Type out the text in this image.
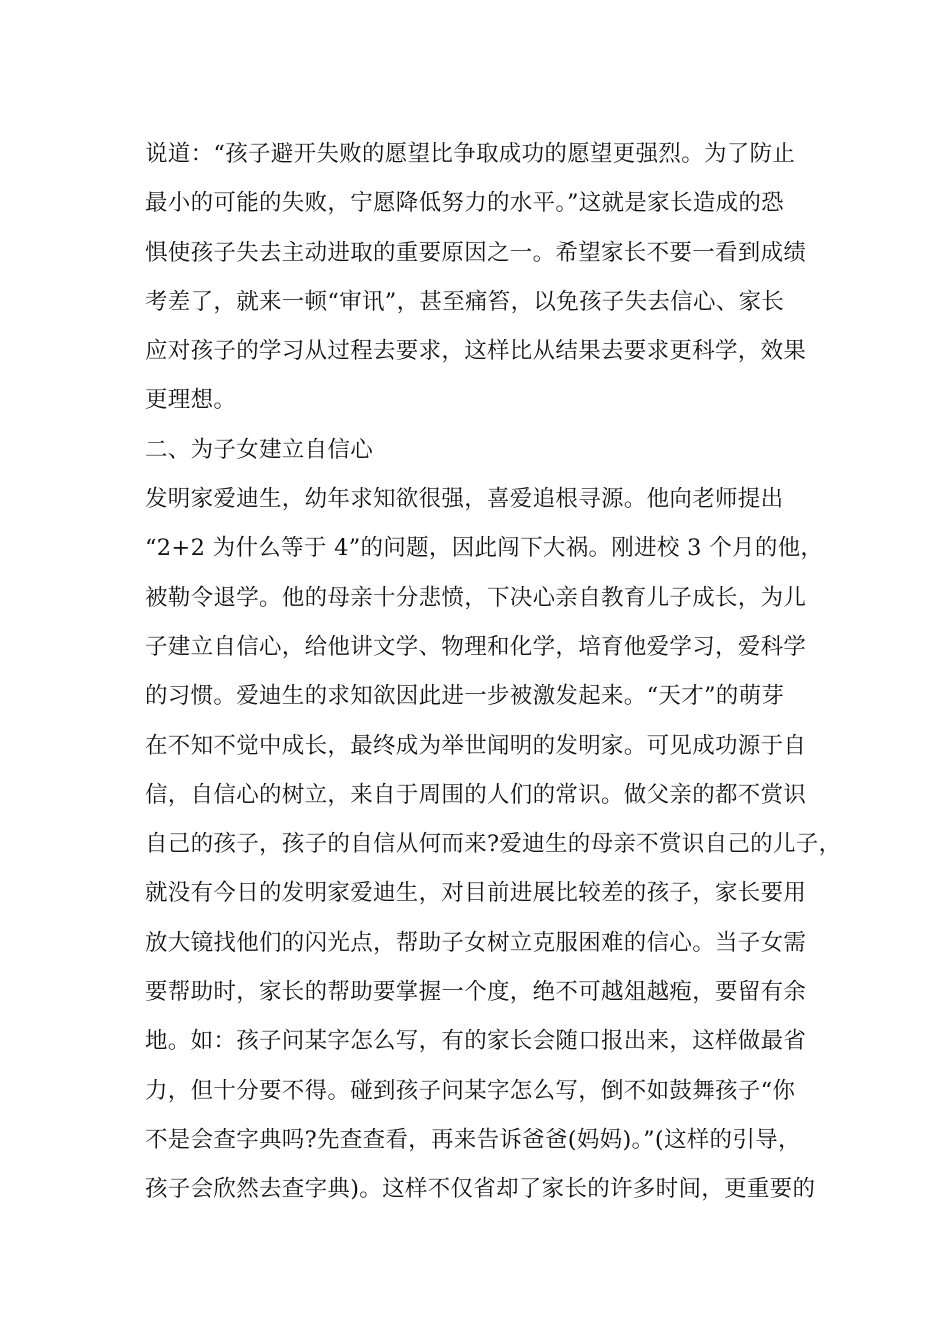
说道：“孩子避开失败的愿望比争取成功的愿望更强烈。为了防止
最小的可能的失败，宁愿降低努力的水平。”这就是家长造成的恐
惧使孩子失去主动进取的重要原因之一。希望家长不要一看到成绩
考差了，就来一顿“审讯”，甚至痛笞，以免孩子失去信心、家长
应对孩子的学习从过程去要求，这样比从结果去要求更科学，效果
更理想。
二、为子女建立自信心
发明家爱迪生，幼年求知欲很强，喜爱追根寻源。他向老师提出
“2+2 为什么等于 4”的问题，因此闯下大祸。刚进校 3 个月的他，
被勒令退学。他的母亲十分悲愤，下决心亲自教育儿子成长，为儿
子建立自信心，给他讲文学、物理和化学，培育他爱学习，爱科学
的习惯。爱迪生的求知欲因此进一步被激发起来。“天才”的萌芽
在不知不觉中成长，最终成为举世闻明的发明家。可见成功源于自
信，自信心的树立，来自于周围的人们的常识。做父亲的都不赏识
自己的孩子，孩子的自信从何而来?爱迪生的母亲不赏识自己的儿子，
就没有今日的发明家爱迪生，对目前进展比较差的孩子，家长要用
放大镜找他们的闪光点，帮助子女树立克服困难的信心。当子女需
要帮助时，家长的帮助要掌握一个度，绝不可越俎越疱，要留有余
地。如：孩子问某字怎么写，有的家长会随口报出来，这样做最省
力，但十分要不得。碰到孩子问某字怎么写，倒不如鼓舞孩子“你
不是会查字典吗?先查查看，再来告诉爸爸(妈妈)。”(这样的引导，
孩子会欣然去查字典)。这样不仅省却了家长的许多时间，更重要的
